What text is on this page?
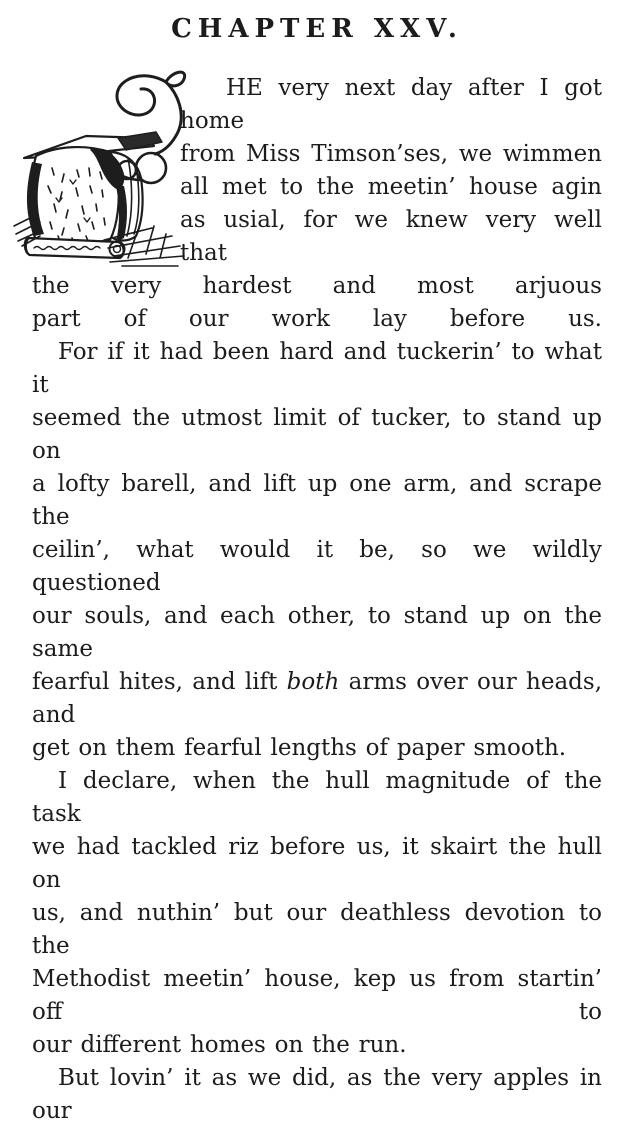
CHAPTER XXV.

HE very next day after I got home
from Miss Timson’ses, we wimmen
all met to the meetin’ house agin
as usial, for we knew very well that
the very hardest and most arjuous
part of our work lay before us.

For if it had been hard and tuckerin’ to what it
seemed the utmost limit of tucker, to stand up on
a lofty barell, and lift up one arm, and scrape the
ceilin’, what would it be, so we wildly questioned
our souls, and each other, to stand up on the same
fearful hites, and lift both arms over our heads, and
get on them fearful lengths of paper smooth.

I declare, when the hull magnitude of the task
we had tackled riz before us, it skairt the hull on
us, and nuthin’ but our deathless devotion to the
Methodist meetin’ house, kep us from startin’ off to
our different homes on the run.

But lovin’ it as we did, as the very apples in our
